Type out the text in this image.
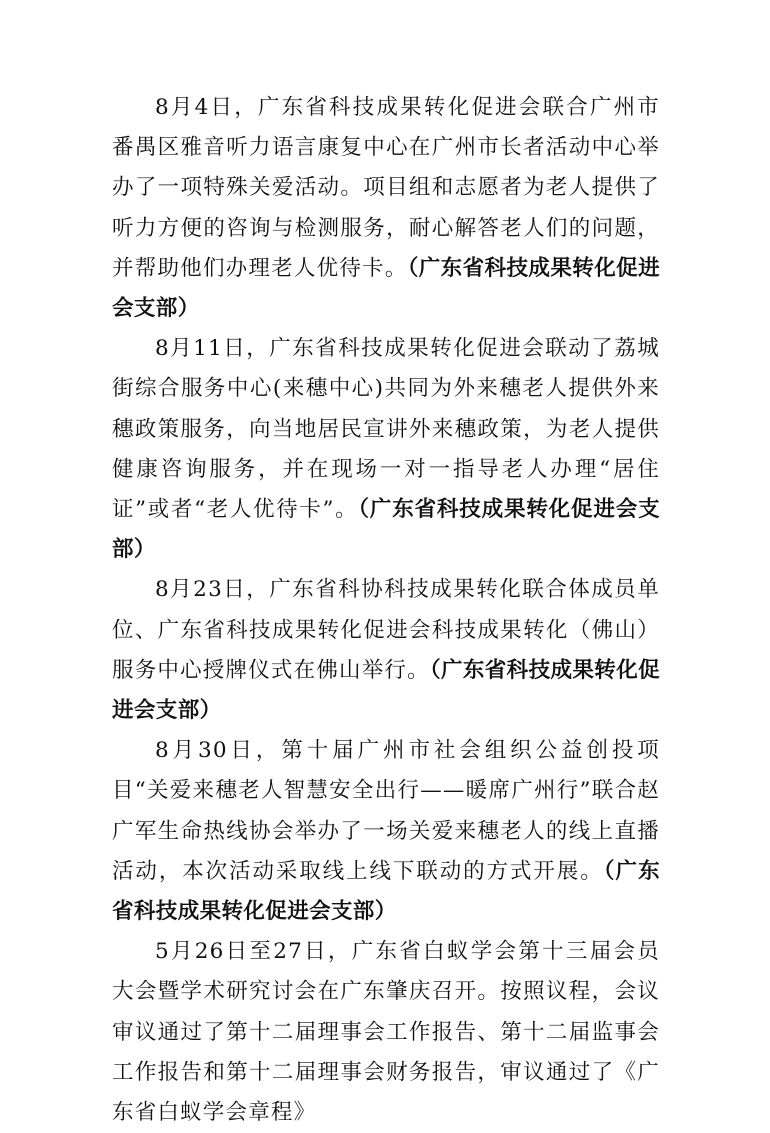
8月4日，广东省科技成果转化促进会联合广州市番禺区雅音听力语言康复中心在广州市长者活动中心举办了一项特殊关爱活动。项目组和志愿者为老人提供了听力方便的咨询与检测服务，耐心解答老人们的问题，并帮助他们办理老人优待卡。（广东省科技成果转化促进会支部）

8月11日，广东省科技成果转化促进会联动了荔城街综合服务中心(来穗中心)共同为外来穗老人提供外来穗政策服务，向当地居民宣讲外来穗政策，为老人提供健康咨询服务，并在现场一对一指导老人办理“居住证”或者“老人优待卡”。（广东省科技成果转化促进会支部）

8月23日，广东省科协科技成果转化联合体成员单位、广东省科技成果转化促进会科技成果转化（佛山）服务中心授牌仪式在佛山举行。（广东省科技成果转化促进会支部）

8月30日，第十届广州市社会组织公益创投项目“关爱来穗老人智慧安全出行——暖席广州行”联合赵广军生命热线协会举办了一场关爱来穗老人的线上直播活动，本次活动采取线上线下联动的方式开展。（广东省科技成果转化促进会支部）

5月26日至27日，广东省白蚁学会第十三届会员大会暨学术研究讨会在广东肇庆召开。按照议程，会议审议通过了第十二届理事会工作报告、第十二届监事会工作报告和第十二届理事会财务报告，审议通过了《广东省白蚁学会章程》
